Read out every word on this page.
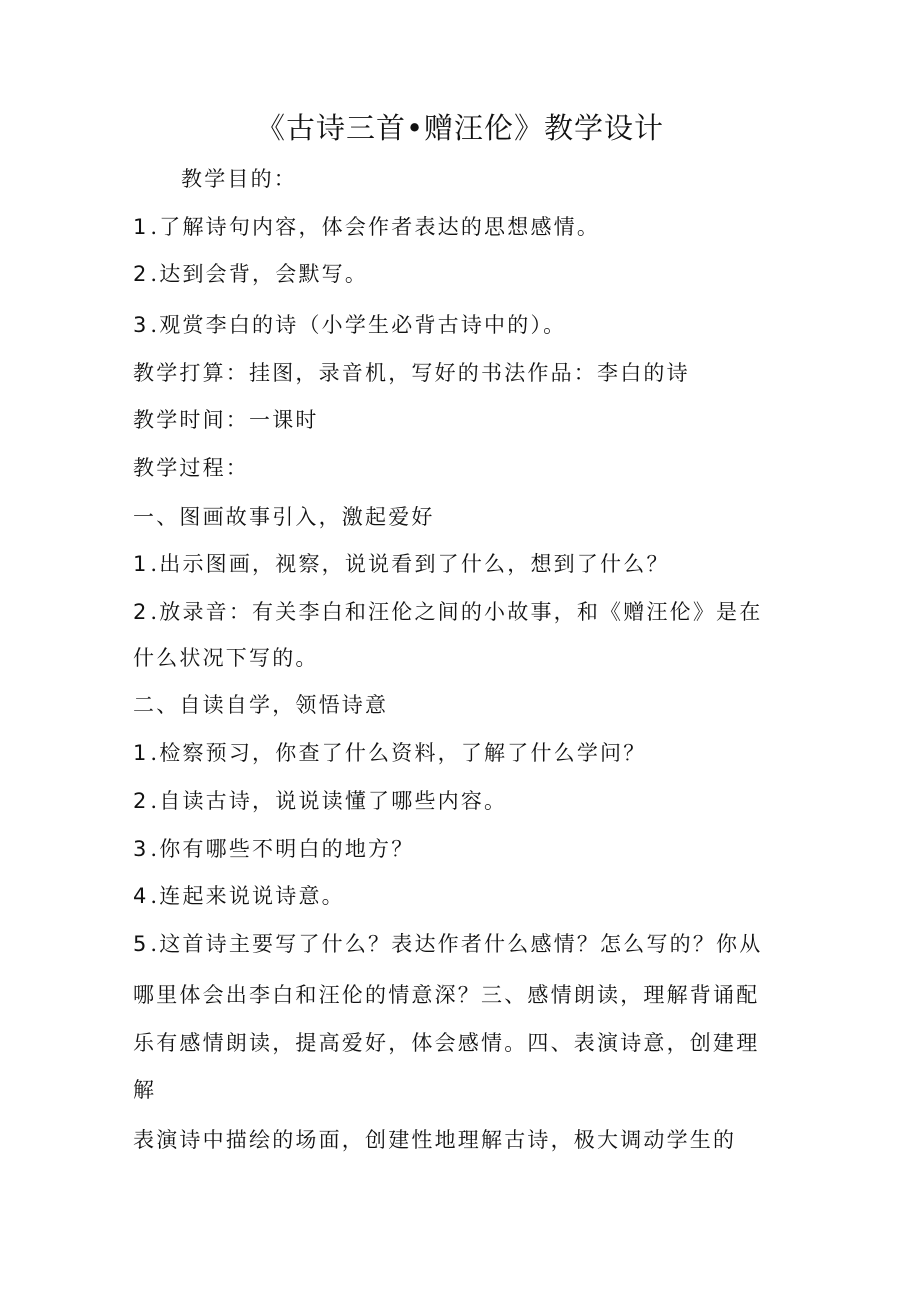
《古诗三首•赠汪伦》教学设计
教学目的：
1 .了解诗句内容，体会作者表达的思想感情。
2 .达到会背，会默写。
3 .观赏李白的诗（小学生必背古诗中的）。
教学打算：挂图，录音机，写好的书法作品：李白的诗
教学时间：一课时
教学过程：
一、图画故事引入，激起爱好
1 .出示图画，视察，说说看到了什么，想到了什么？
2 .放录音：有关李白和汪伦之间的小故事，和《赠汪伦》是在
什么状况下写的。
二、自读自学，领悟诗意
1 .检察预习，你查了什么资料，了解了什么学问？
2 .自读古诗，说说读懂了哪些内容。
3 .你有哪些不明白的地方？
4 .连起来说说诗意。
5 .这首诗主要写了什么？表达作者什么感情？怎么写的？你从
哪里体会出李白和汪伦的情意深？三、感情朗读，理解背诵配
乐有感情朗读，提高爱好，体会感情。四、表演诗意，创建理
解
表演诗中描绘的场面，创建性地理解古诗，极大调动学生的
